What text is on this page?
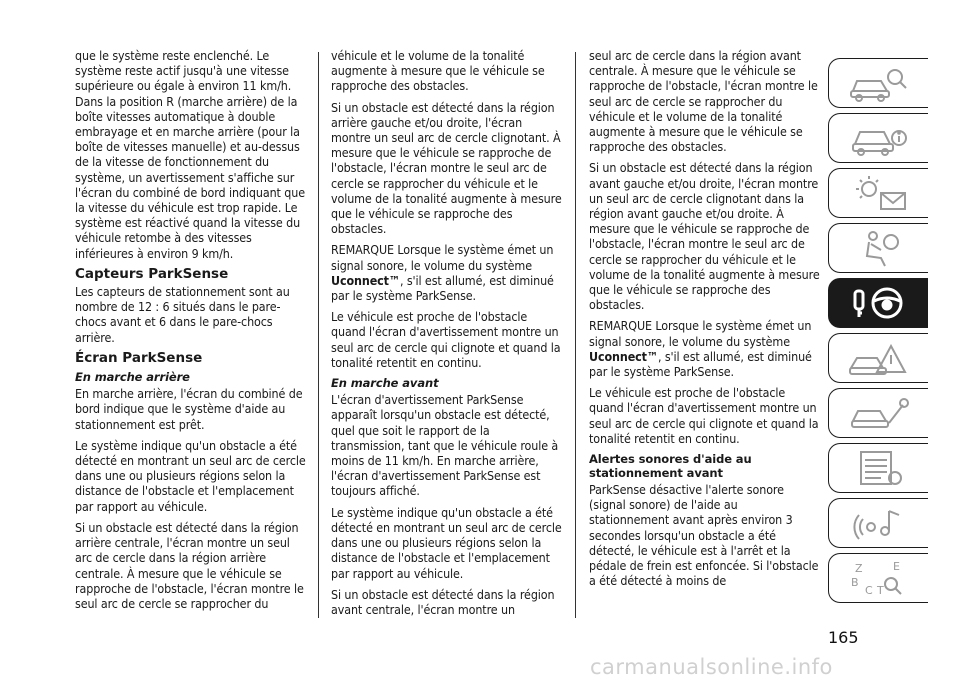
que le système reste enclenché. Le système reste actif jusqu'à une vitesse supérieure ou égale à environ 11 km/h. Dans la position R (marche arrière) de la boîte vitesses automatique à double embrayage et en marche arrière (pour la boîte de vitesses manuelle) et au-dessus de la vitesse de fonctionnement du système, un avertissement s'affiche sur l'écran du combiné de bord indiquant que la vitesse du véhicule est trop rapide. Le système est réactivé quand la vitesse du véhicule retombe à des vitesses inférieures à environ 9 km/h.

Capteurs ParkSense

Les capteurs de stationnement sont au nombre de 12 : 6 situés dans le pare-chocs avant et 6 dans le pare-chocs arrière.

Écran ParkSense
En marche arrière

En marche arrière, l'écran du combiné de bord indique que le système d'aide au stationnement est prêt.

Le système indique qu'un obstacle a été détecté en montrant un seul arc de cercle dans une ou plusieurs régions selon la distance de l'obstacle et l'emplacement par rapport au véhicule.

Si un obstacle est détecté dans la région arrière centrale, l'écran montre un seul arc de cercle dans la région arrière centrale. À mesure que le véhicule se rapproche de l'obstacle, l'écran montre le seul arc de cercle se rapprocher du

véhicule et le volume de la tonalité augmente à mesure que le véhicule se rapproche des obstacles.

Si un obstacle est détecté dans la région arrière gauche et/ou droite, l'écran montre un seul arc de cercle clignotant. À mesure que le véhicule se rapproche de l'obstacle, l'écran montre le seul arc de cercle se rapprocher du véhicule et le volume de la tonalité augmente à mesure que le véhicule se rapproche des obstacles.

REMARQUE Lorsque le système émet un signal sonore, le volume du système Uconnect™, s'il est allumé, est diminué par le système ParkSense.

Le véhicule est proche de l'obstacle quand l'écran d'avertissement montre un seul arc de cercle qui clignote et quand la tonalité retentit en continu.

En marche avant

L'écran d'avertissement ParkSense apparaît lorsqu'un obstacle est détecté, quel que soit le rapport de la transmission, tant que le véhicule roule à moins de 11 km/h. En marche arrière, l'écran d'avertissement ParkSense est toujours affiché.

Le système indique qu'un obstacle a été détecté en montrant un seul arc de cercle dans une ou plusieurs régions selon la distance de l'obstacle et l'emplacement par rapport au véhicule.

Si un obstacle est détecté dans la région avant centrale, l'écran montre un

seul arc de cercle dans la région avant centrale. À mesure que le véhicule se rapproche de l'obstacle, l'écran montre le seul arc de cercle se rapprocher du véhicule et le volume de la tonalité augmente à mesure que le véhicule se rapproche des obstacles.

Si un obstacle est détecté dans la région avant gauche et/ou droite, l'écran montre un seul arc de cercle clignotant dans la région avant gauche et/ou droite. À mesure que le véhicule se rapproche de l'obstacle, l'écran montre le seul arc de cercle se rapprocher du véhicule et le volume de la tonalité augmente à mesure que le véhicule se rapproche des obstacles.

REMARQUE Lorsque le système émet un signal sonore, le volume du système Uconnect™, s'il est allumé, est diminué par le système ParkSense.

Le véhicule est proche de l'obstacle quand l'écran d'avertissement montre un seul arc de cercle qui clignote et quand la tonalité retentit en continu.

Alertes sonores d'aide au stationnement avant

ParkSense désactive l'alerte sonore (signal sonore) de l'aide au stationnement avant après environ 3 secondes lorsqu'un obstacle a été détecté, le véhicule est à l'arrêt et la pédale de frein est enfoncée. Si l'obstacle a été détecté à moins de

Z	E
B
C T
165
carmanualsonline.info
